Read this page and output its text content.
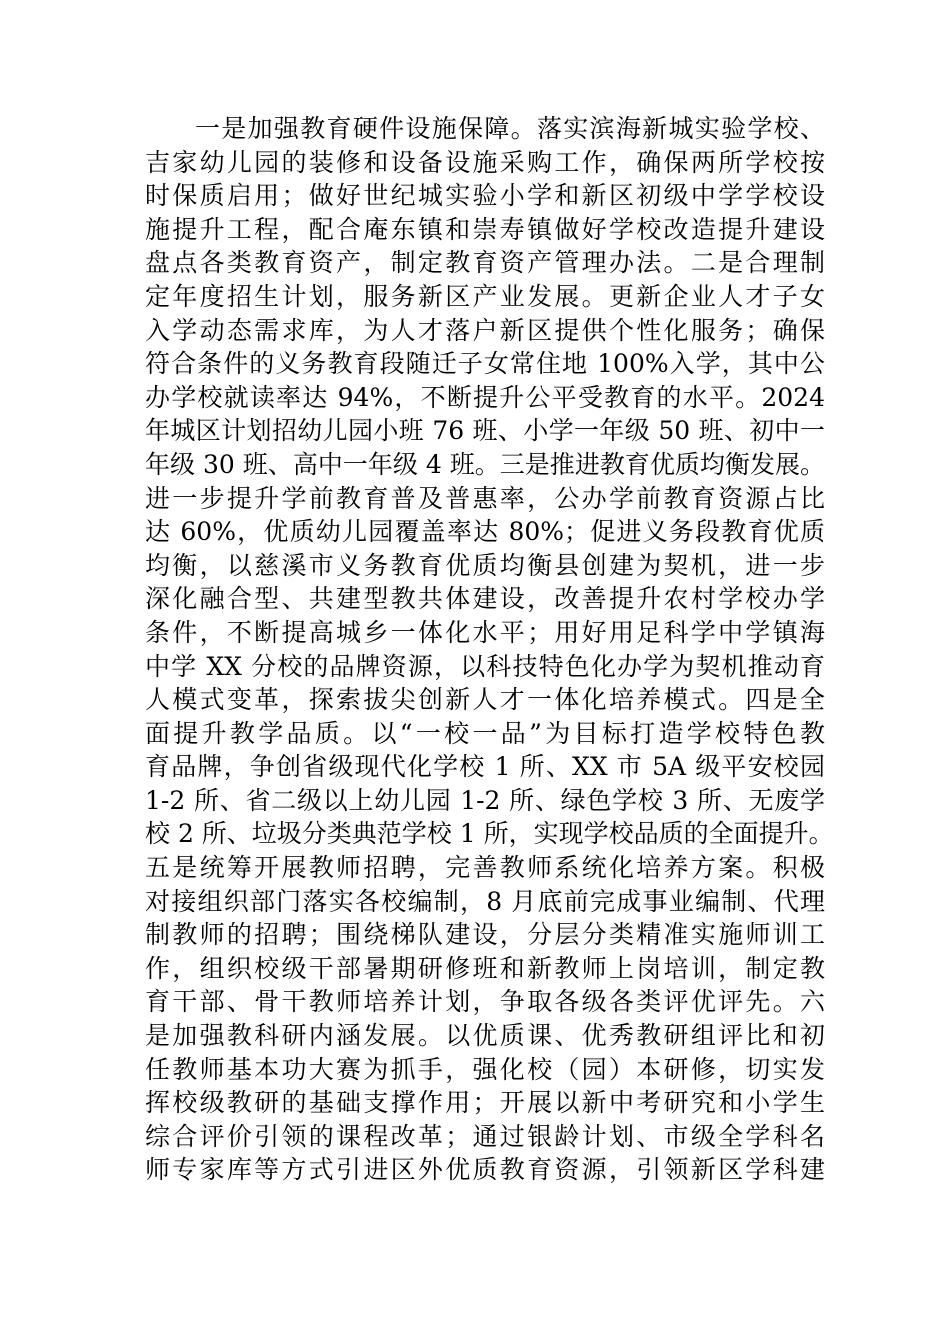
一是加强教育硬件设施保障。落实滨海新城实验学校、
吉家幼儿园的装修和设备设施采购工作，确保两所学校按
时保质启用；做好世纪城实验小学和新区初级中学学校设
施提升工程，配合庵东镇和崇寿镇做好学校改造提升建设
盘点各类教育资产，制定教育资产管理办法。二是合理制
定年度招生计划，服务新区产业发展。更新企业人才子女
入学动态需求库，为人才落户新区提供个性化服务；确保
符合条件的义务教育段随迁子女常住地 100%入学，其中公
办学校就读率达 94%，不断提升公平受教育的水平。2024
年城区计划招幼儿园小班 76 班、小学一年级 50 班、初中一
年级 30 班、高中一年级 4 班。三是推进教育优质均衡发展。
进一步提升学前教育普及普惠率，公办学前教育资源占比
达 60%，优质幼儿园覆盖率达 80%；促进义务段教育优质
均衡，以慈溪市义务教育优质均衡县创建为契机，进一步
深化融合型、共建型教共体建设，改善提升农村学校办学
条件，不断提高城乡一体化水平；用好用足科学中学镇海
中学 XX 分校的品牌资源，以科技特色化办学为契机推动育
人模式变革，探索拔尖创新人才一体化培养模式。四是全
面提升教学品质。以“一校一品”为目标打造学校特色教
育品牌，争创省级现代化学校 1 所、XX 市 5A 级平安校园
1-2 所、省二级以上幼儿园 1-2 所、绿色学校 3 所、无废学
校 2 所、垃圾分类典范学校 1 所，实现学校品质的全面提升。
五是统筹开展教师招聘，完善教师系统化培养方案。积极
对接组织部门落实各校编制，8 月底前完成事业编制、代理
制教师的招聘；围绕梯队建设，分层分类精准实施师训工
作，组织校级干部暑期研修班和新教师上岗培训，制定教
育干部、骨干教师培养计划，争取各级各类评优评先。六
是加强教科研内涵发展。以优质课、优秀教研组评比和初
任教师基本功大赛为抓手，强化校（园）本研修，切实发
挥校级教研的基础支撑作用；开展以新中考研究和小学生
综合评价引领的课程改革；通过银龄计划、市级全学科名
师专家库等方式引进区外优质教育资源，引领新区学科建
